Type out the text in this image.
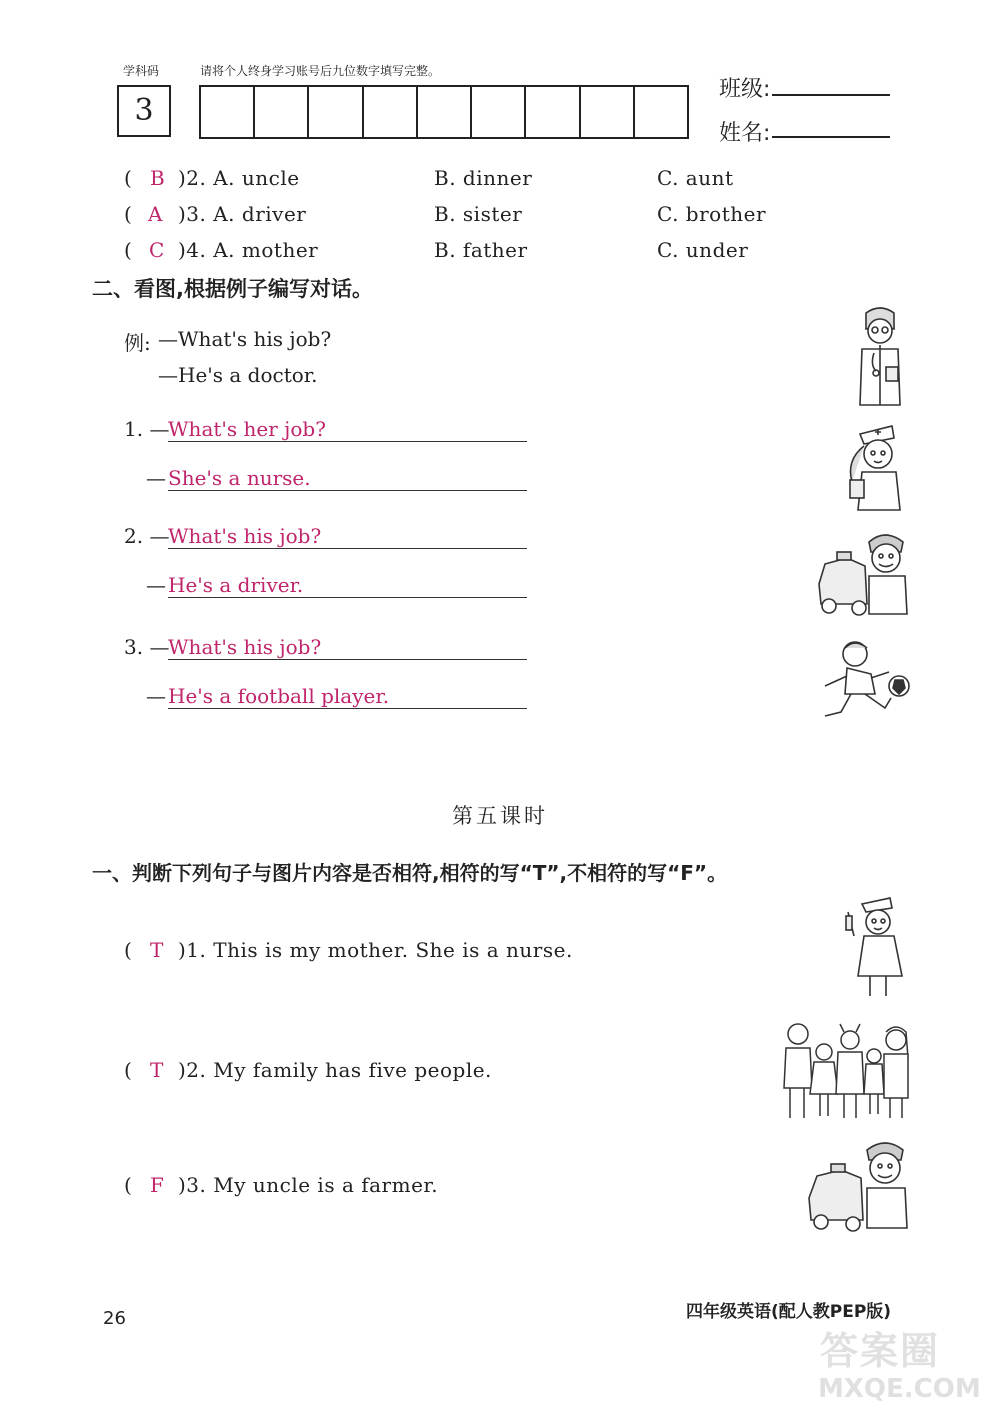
学科码	请将个人终身学习账号后九位数字填写完整。
3
班级:
姓名:
( B )2. A. uncle	B. dinner	C. aunt
( A )3. A. driver	B. sister	C. brother
( C )4. A. mother	B. father	C. under
二、看图,根据例子编写对话。
例: —What's his job?
—He's a doctor.
1. —
What's her job?
— She's a nurse.
2. —
What's his job?
— He's a driver.
3. —
What's his job?
— He's a football player.
第五课时
一、判断下列句子与图片内容是否相符,相符的写“T”,不相符的写“F”。
( T )1. This is my mother. She is a nurse.
( T )2. My family has five people.
( F )3. My uncle is a farmer.
26	四年级英语(配人教PEP版)
答案圈
MXQE.COM
